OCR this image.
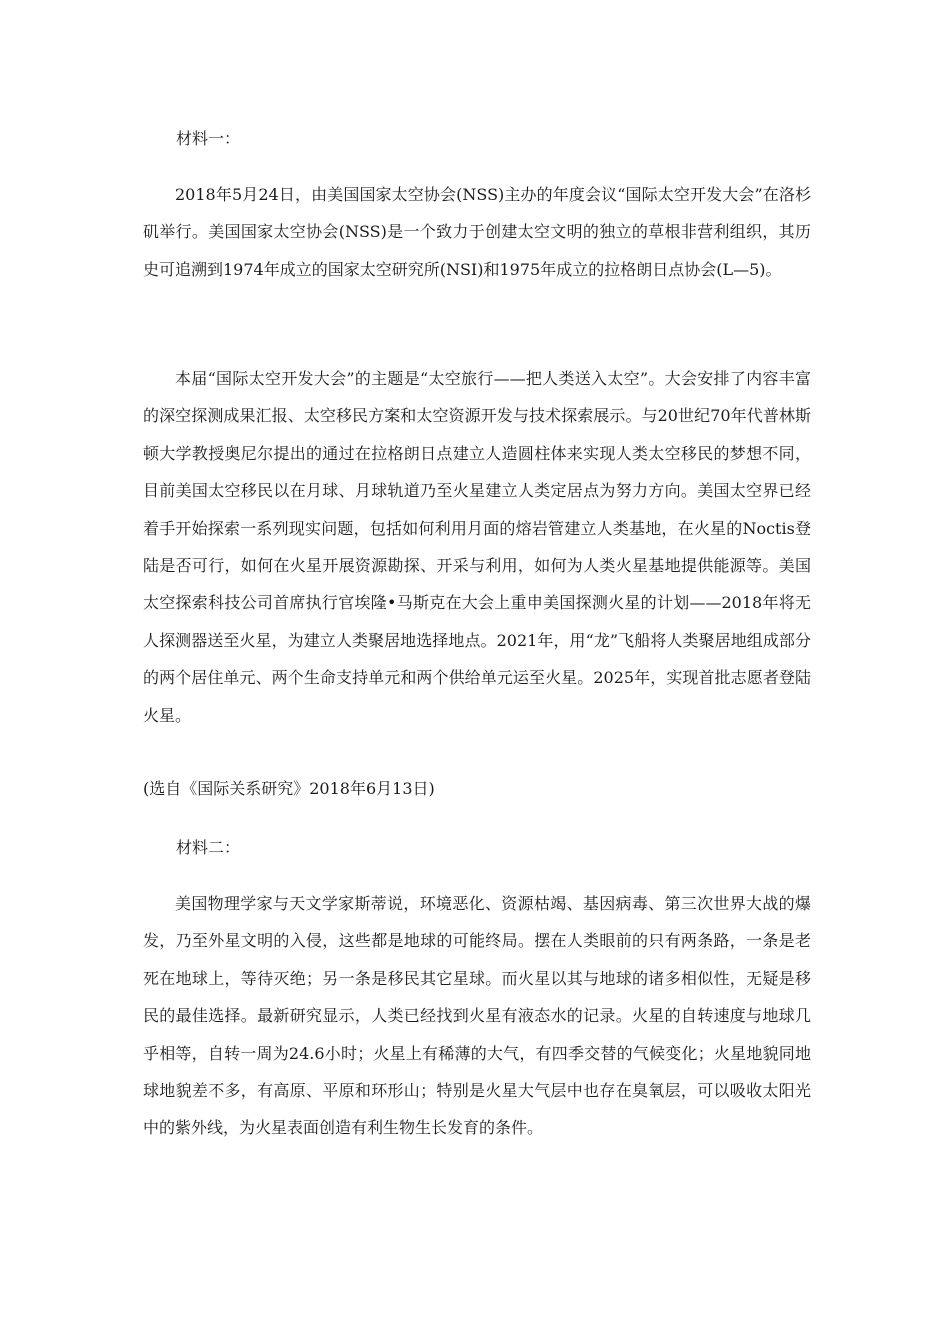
材料一：

2018年5月24日，由美国国家太空协会(NSS)主办的年度会议“国际太空开发大会”在洛杉矶举行。美国国家太空协会(NSS)是一个致力于创建太空文明的独立的草根非营利组织，其历史可追溯到1974年成立的国家太空研究所(NSI)和1975年成立的拉格朗日点协会(L—5)。

本届“国际太空开发大会”的主题是“太空旅行——把人类送入太空”。大会安排了内容丰富的深空探测成果汇报、太空移民方案和太空资源开发与技术探索展示。与20世纪70年代普林斯顿大学教授奥尼尔提出的通过在拉格朗日点建立人造圆柱体来实现人类太空移民的梦想不同，目前美国太空移民以在月球、月球轨道乃至火星建立人类定居点为努力方向。美国太空界已经着手开始探索一系列现实问题，包括如何利用月面的熔岩管建立人类基地，在火星的Noctis登陆是否可行，如何在火星开展资源勘探、开采与利用，如何为人类火星基地提供能源等。美国太空探索科技公司首席执行官埃隆•马斯克在大会上重申美国探测火星的计划——2018年将无人探测器送至火星，为建立人类聚居地选择地点。2021年，用“龙”飞船将人类聚居地组成部分的两个居住单元、两个生命支持单元和两个供给单元运至火星。2025年，实现首批志愿者登陆火星。

(选自《国际关系研究》2018年6月13日)
材料二：

美国物理学家与天文学家斯蒂说，环境恶化、资源枯竭、基因病毒、第三次世界大战的爆发，乃至外星文明的入侵，这些都是地球的可能终局。摆在人类眼前的只有两条路，一条是老死在地球上，等待灭绝；另一条是移民其它星球。而火星以其与地球的诸多相似性，无疑是移民的最佳选择。最新研究显示，人类已经找到火星有液态水的记录。火星的自转速度与地球几乎相等，自转一周为24.6小时；火星上有稀薄的大气，有四季交替的气候变化；火星地貌同地球地貌差不多，有高原、平原和环形山；特别是火星大气层中也存在臭氧层，可以吸收太阳光中的紫外线，为火星表面创造有利生物生长发育的条件。
